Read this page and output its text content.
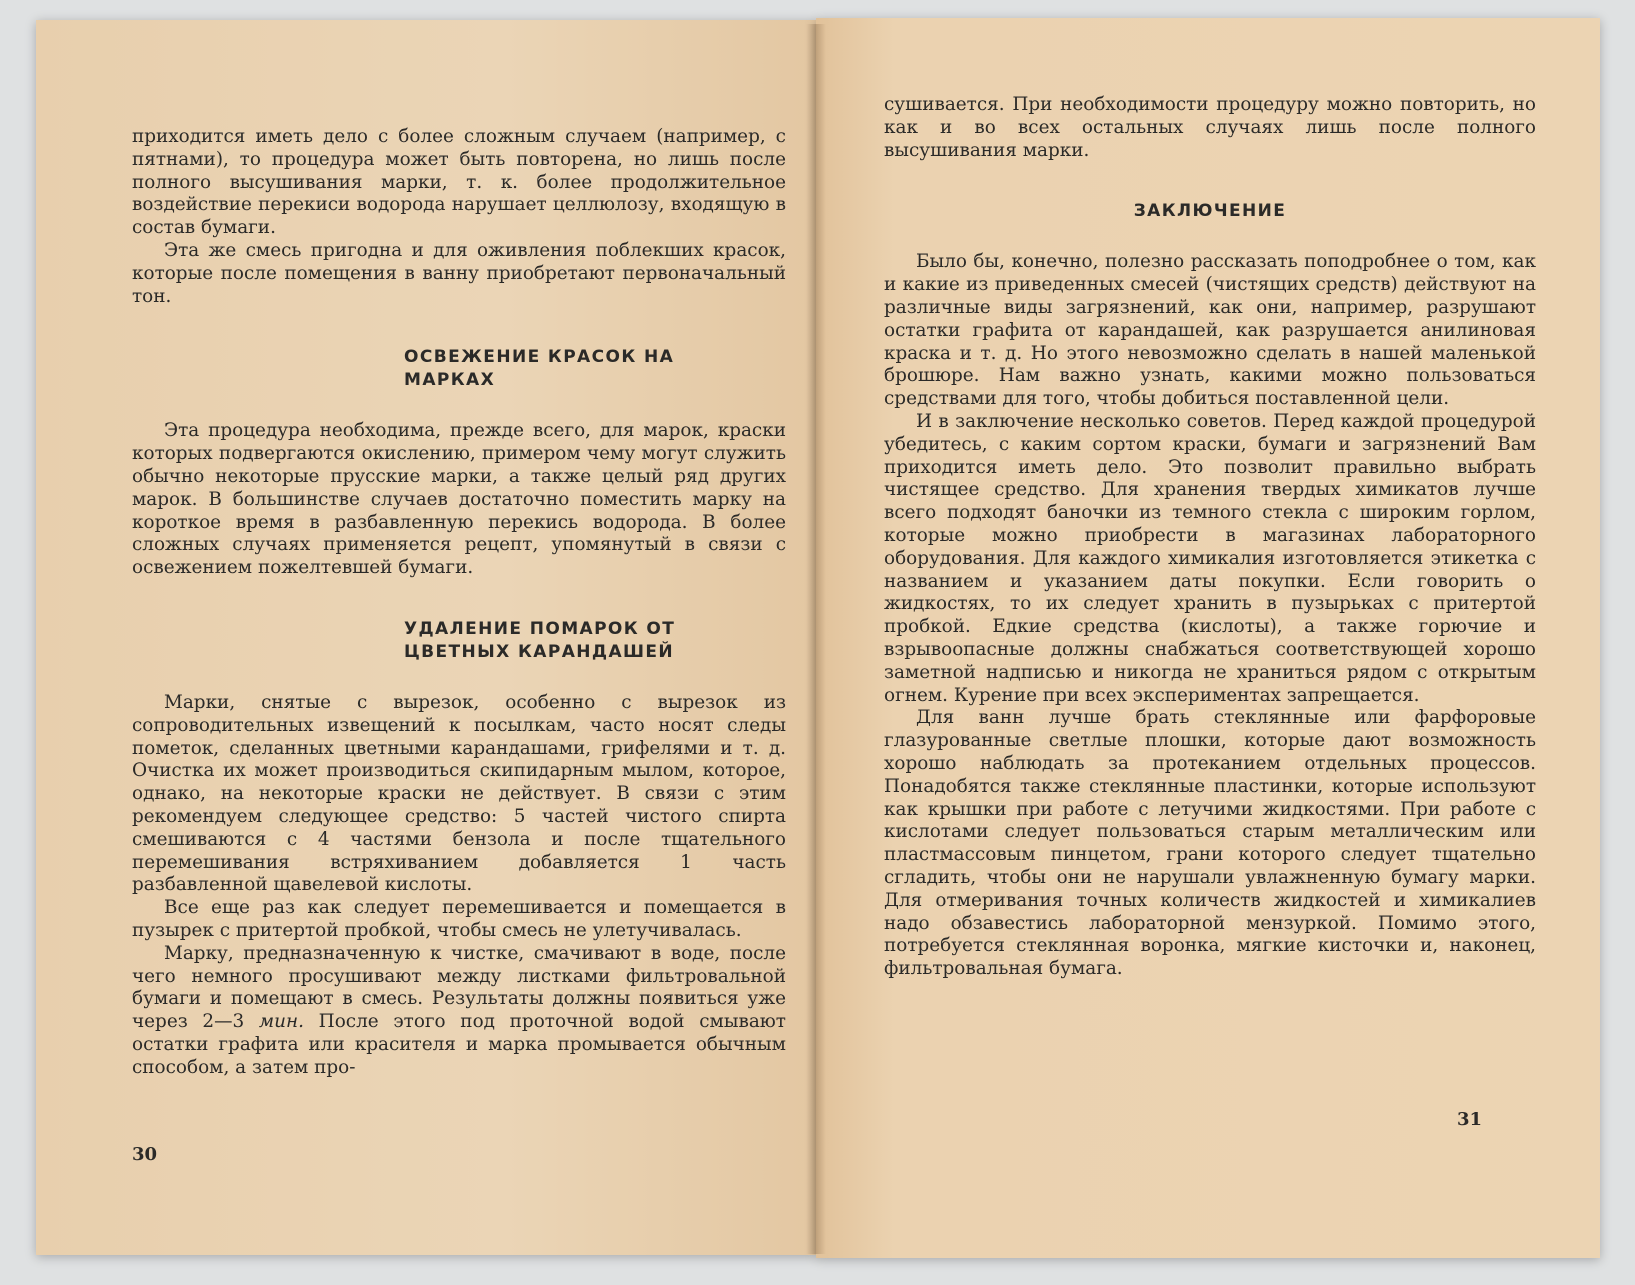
приходится иметь дело с более сложным случаем (например, с пятнами), то процедура может быть повторена, но лишь после полного высушивания марки, т. к. более продолжительное воздействие перекиси водорода нарушает целлюлозу, входящую в состав бумаги.

Эта же смесь пригодна и для оживления поблекших красок, которые после помещения в ванну приобретают первоначальный тон.

ОСВЕЖЕНИЕ КРАСОК НА
МАРКАХ

Эта процедура необходима, прежде всего, для марок, краски которых подвергаются окислению, примером чему могут служить обычно некоторые прусские марки, а также целый ряд других марок. В большинстве случаев достаточно поместить марку на короткое время в разбавленную перекись водорода. В более сложных случаях применяется рецепт, упомянутый в связи с освежением пожелтевшей бумаги.

УДАЛЕНИЕ ПОМАРОК ОТ
ЦВЕТНЫХ КАРАНДАШЕЙ

Марки, снятые с вырезок, особенно с вырезок из сопроводительных извещений к посылкам, часто носят следы пометок, сделанных цветными карандашами, грифелями и т. д. Очистка их может производиться скипидарным мылом, которое, однако, на некоторые краски не действует. В связи с этим рекомендуем следующее средство: 5 частей чистого спирта смешиваются с 4 частями бензола и после тщательного перемешивания встряхиванием добавляется 1 часть разбавленной щавелевой кислоты.

Все еще раз как следует перемешивается и помещается в пузырек с притертой пробкой, чтобы смесь не улетучивалась.

Марку, предназначенную к чистке, смачивают в воде, после чего немного просушивают между листками фильтровальной бумаги и помещают в смесь. Результаты должны появиться уже через 2—3 мин. После этого под проточной водой смывают остатки графита или красителя и марка промывается обычным способом, а затем про-

30

сушивается. При необходимости процедуру можно повторить, но как и во всех остальных случаях лишь после полного высушивания марки.

ЗАКЛЮЧЕНИЕ

Было бы, конечно, полезно рассказать поподробнее о том, как и какие из приведенных смесей (чистящих средств) действуют на различные виды загрязнений, как они, например, разрушают остатки графита от карандашей, как разрушается анилиновая краска и т. д. Но этого невозможно сделать в нашей маленькой брошюре. Нам важно узнать, какими можно пользоваться средствами для того, чтобы добиться поставленной цели.

И в заключение несколько советов. Перед каждой процедурой убедитесь, с каким сортом краски, бумаги и загрязнений Вам приходится иметь дело. Это позволит правильно выбрать чистящее средство. Для хранения твердых химикатов лучше всего подходят баночки из темного стекла с широким горлом, которые можно приобрести в магазинах лабораторного оборудования. Для каждого химикалия изготовляется этикетка с названием и указанием даты покупки. Если говорить о жидкостях, то их следует хранить в пузырьках с притертой пробкой. Едкие средства (кислоты), а также горючие и взрывоопасные должны снабжаться соответствующей хорошо заметной надписью и никогда не храниться рядом с открытым огнем. Курение при всех экспериментах запрещается.

Для ванн лучше брать стеклянные или фарфоровые глазурованные светлые плошки, которые дают возможность хорошо наблюдать за протеканием отдельных процессов. Понадобятся также стеклянные пластинки, которые используют как крышки при работе с летучими жидкостями. При работе с кислотами следует пользоваться старым металлическим или пластмассовым пинцетом, грани которого следует тщательно сгладить, чтобы они не нарушали увлажненную бумагу марки. Для отмеривания точных количеств жидкостей и химикалиев надо обзавестись лабораторной мензуркой. Помимо этого, потребуется стеклянная воронка, мягкие кисточки и, наконец, фильтровальная бумага.

31
